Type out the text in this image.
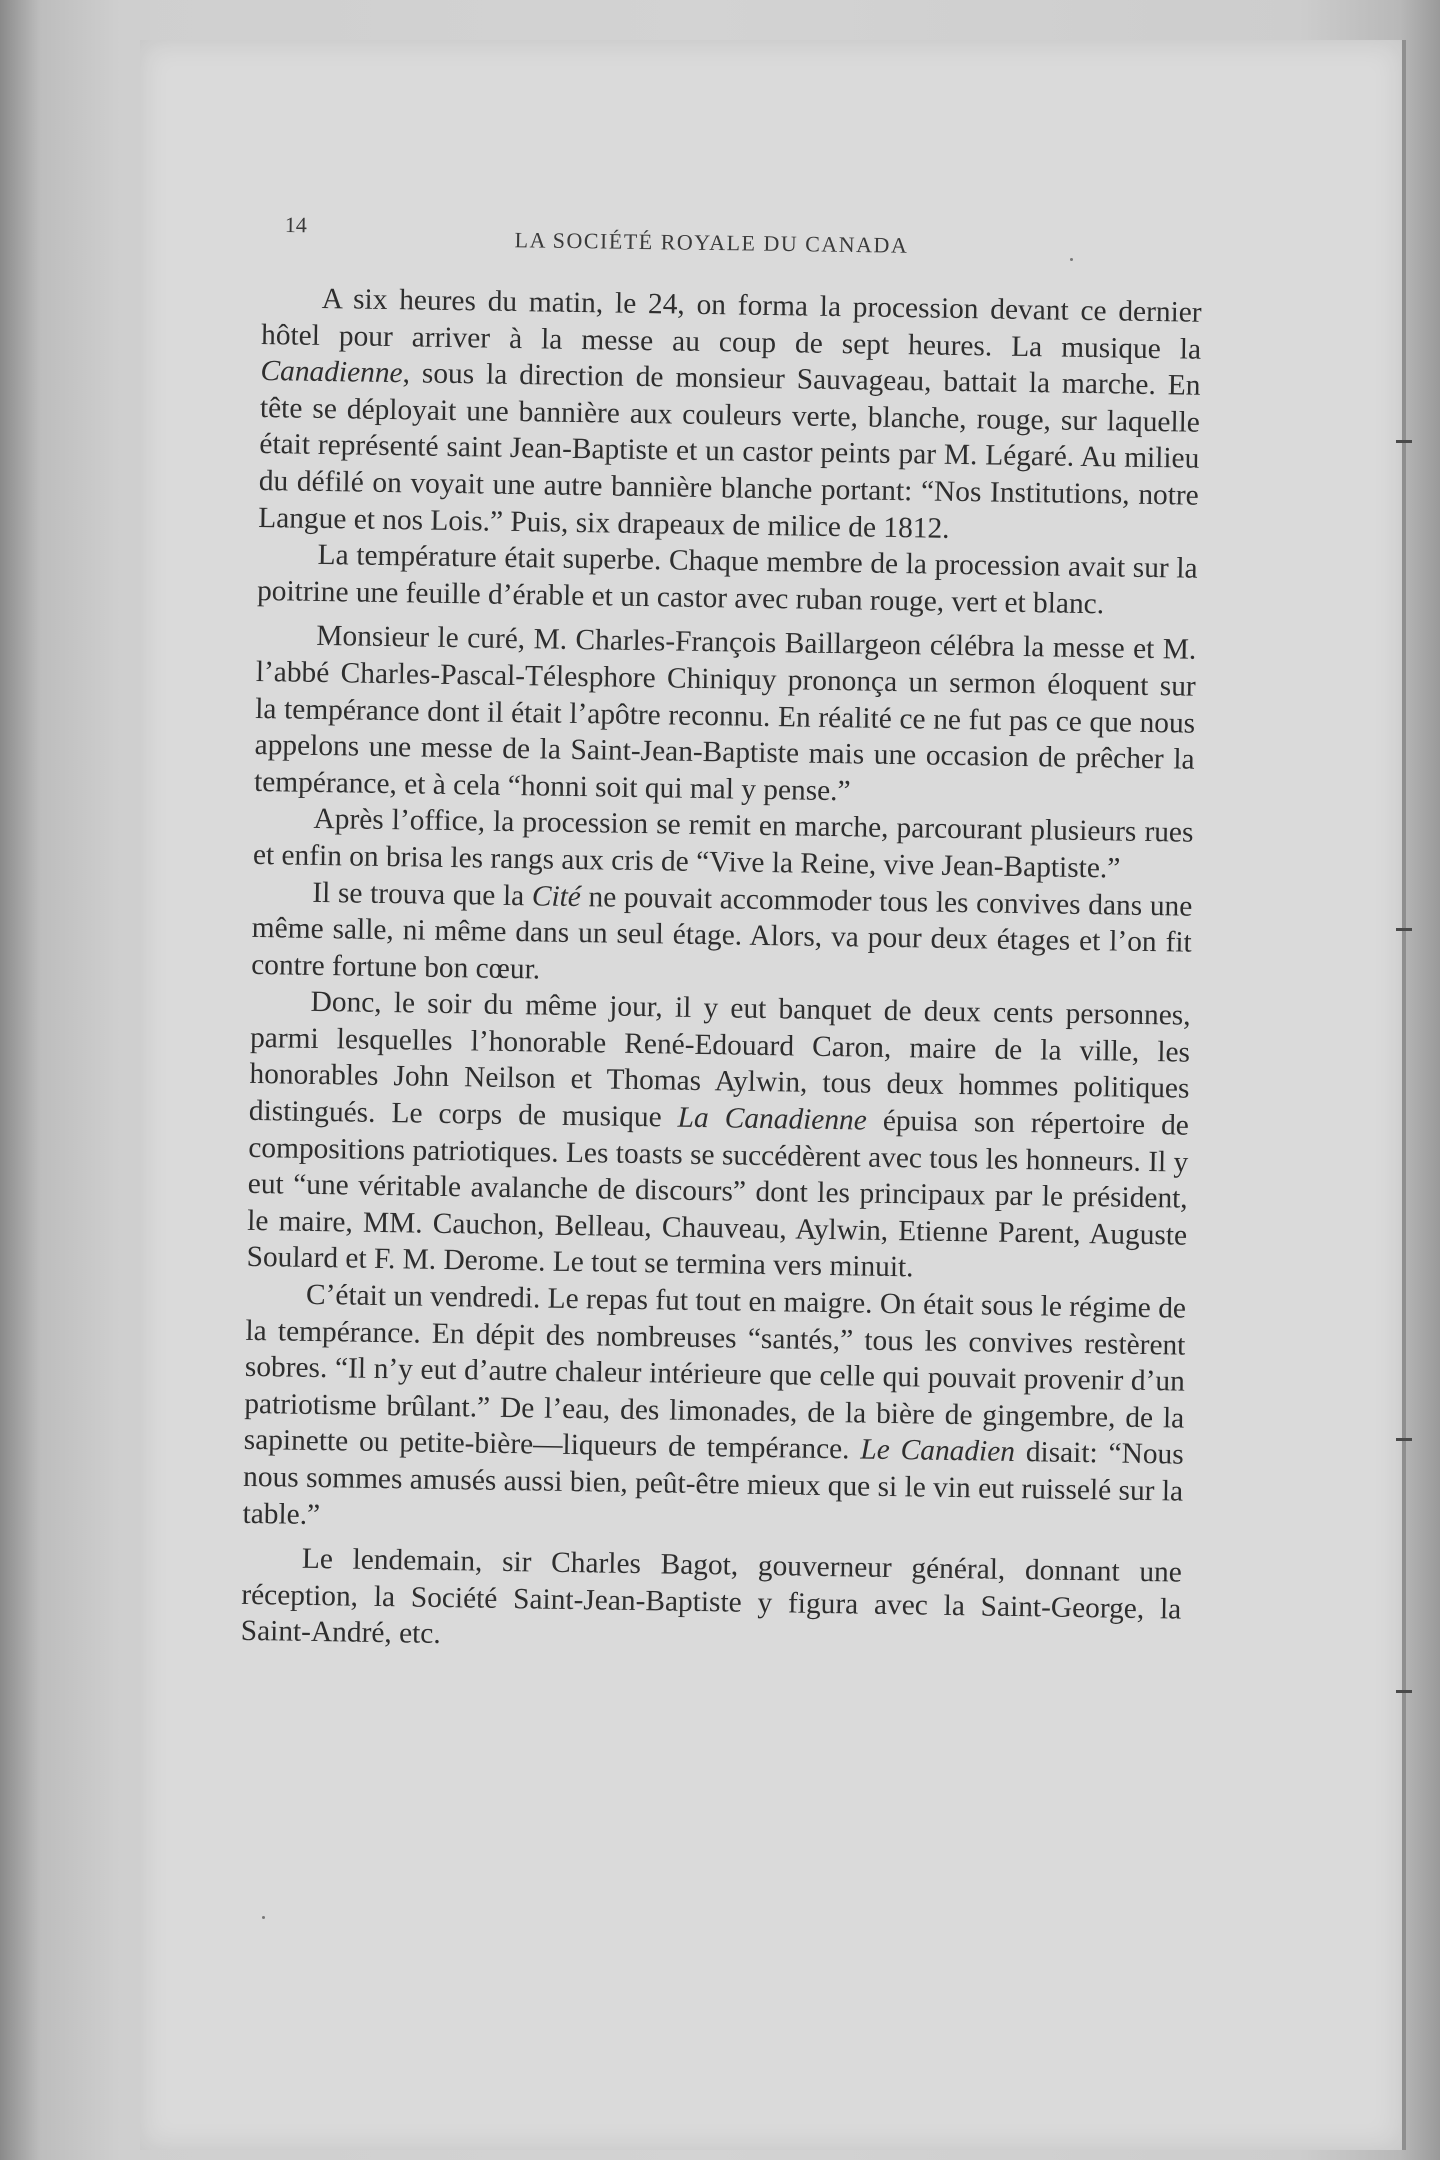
14
LA SOCIÉTÉ ROYALE DU CANADA

A six heures du matin, le 24, on forma la procession devant ce dernier hôtel pour arriver à la messe au coup de sept heures. La musique la Canadienne, sous la direction de monsieur Sauvageau, battait la marche. En tête se déployait une bannière aux couleurs verte, blanche, rouge, sur laquelle était représenté saint Jean-Baptiste et un castor peints par M. Légaré. Au milieu du défilé on voyait une autre bannière blanche portant: “Nos Institutions, notre Langue et nos Lois.” Puis, six drapeaux de milice de 1812.

La température était superbe. Chaque membre de la procession avait sur la poitrine une feuille d’érable et un castor avec ruban rouge, vert et blanc.

Monsieur le curé, M. Charles-François Baillargeon célébra la messe et M. l’abbé Charles-Pascal-Télesphore Chiniquy prononça un sermon éloquent sur la tempérance dont il était l’apôtre reconnu. En réalité ce ne fut pas ce que nous appelons une messe de la Saint-Jean-Baptiste mais une occasion de prêcher la tempérance, et à cela “honni soit qui mal y pense.”

Après l’office, la procession se remit en marche, parcourant plusieurs rues et enfin on brisa les rangs aux cris de “Vive la Reine, vive Jean-Baptiste.”

Il se trouva que la Cité ne pouvait accommoder tous les convives dans une même salle, ni même dans un seul étage. Alors, va pour deux étages et l’on fit contre fortune bon cœur.

Donc, le soir du même jour, il y eut banquet de deux cents personnes, parmi lesquelles l’honorable René-Edouard Caron, maire de la ville, les honorables John Neilson et Thomas Aylwin, tous deux hommes politiques distingués. Le corps de musique La Canadienne épuisa son répertoire de compositions patriotiques. Les toasts se succédèrent avec tous les honneurs. Il y eut “une véritable avalanche de discours” dont les principaux par le président, le maire, MM. Cauchon, Belleau, Chauveau, Aylwin, Etienne Parent, Auguste Soulard et F. M. Derome. Le tout se termina vers minuit.

C’était un vendredi. Le repas fut tout en maigre. On était sous le régime de la tempérance. En dépit des nombreuses “santés,” tous les convives restèrent sobres. “Il n’y eut d’autre chaleur intérieure que celle qui pouvait provenir d’un patriotisme brûlant.” De l’eau, des limonades, de la bière de gingembre, de la sapinette ou petite-bière—liqueurs de tempérance. Le Canadien disait: “Nous nous sommes amusés aussi bien, peût-être mieux que si le vin eut ruisselé sur la table.”

Le lendemain, sir Charles Bagot, gouverneur général, donnant une réception, la Société Saint-Jean-Baptiste y figura avec la Saint-George, la Saint-André, etc.
